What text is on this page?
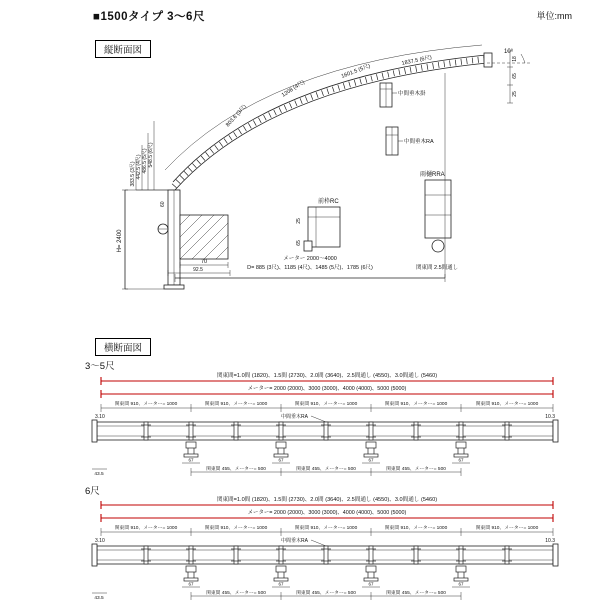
■1500タイプ 3〜6尺	単位:mm
縦断面図	10°
803.6 (3尺)
1208 (4尺)
1601.5 (5尺)
1837.5 (6尺)
383.5 (3尺) 442.5 (4尺) 486.5 (5尺) 548.5 (6尺)
60
18
65
25
中間垂木掛
中間垂木RA
雨樋RRA
関東間 2.5間通し
前枠RC
25
65
70
92.5
H= 2400
メーター 2000〜4000
D= 885 (3尺)、1185 (4尺)、1485 (5尺)、1785 (6尺)
横断面図
3〜5尺
関東間=1.0間 (1820)、1.5間 (2730)、2.0間 (3640)、2.5間通し (4550)、3.0間通し (5460)
メーター= 2000 (2000)、3000 (3000)、4000 (4000)、5000 (5000)
関東間 910、メーター= 1000	関東間 910、メーター= 1000	関東間 910、メーター= 1000	関東間 910、メーター= 1000	関東間 910、メーター= 1000
3.10	10.3
中間垂木RA
67	67	67	67
関東間 455、メーター= 500	関東間 455、メーター= 500	関東間 455、メーター= 500
43.5
6尺
関東間=1.0間 (1820)、1.5間 (2730)、2.0間 (3640)、2.5間通し (4550)、3.0間通し (5460)
メーター= 2000 (2000)、3000 (3000)、4000 (4000)、5000 (5000)
関東間 910、メーター= 1000	関東間 910、メーター= 1000	関東間 910、メーター= 1000	関東間 910、メーター= 1000	関東間 910、メーター= 1000
3.10	10.3
中間垂木RA
67	67	67	67
関東間 455、メーター= 500	関東間 455、メーター= 500	関東間 455、メーター= 500
43.5
